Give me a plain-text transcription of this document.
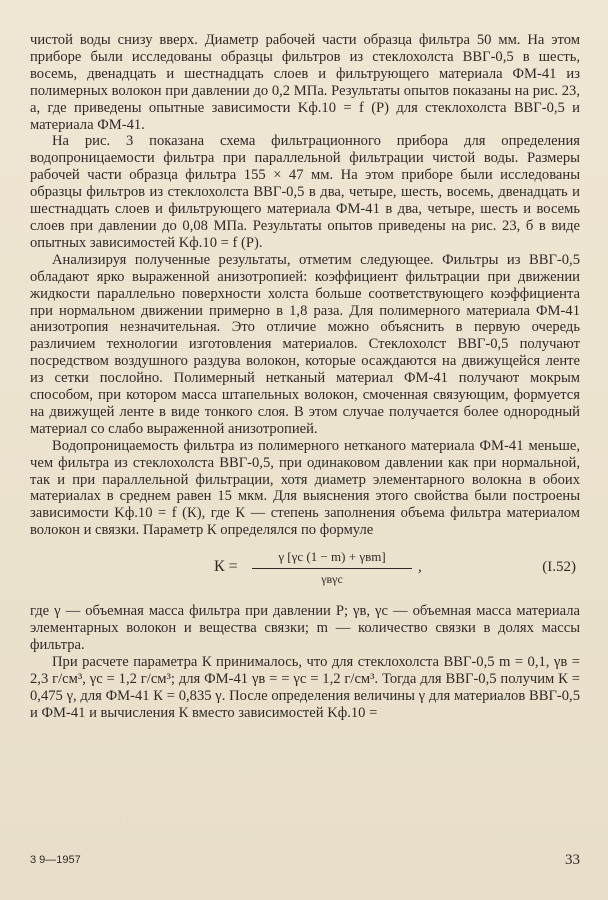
чистой воды снизу вверх. Диаметр рабочей части образца фильтра 50 мм. На этом приборе были исследованы образцы фильтров из стеклохолста ВВГ-0,5 в шесть, восемь, двенадцать и шестнадцать слоев и фильтрующего материала ФМ-41 из полимерных волокон при давлении до 0,2 МПа. Результаты опытов показаны на рис. 23, а, где приведены опытные зависимости Kф.10 = f (P) для стеклохолста ВВГ-0,5 и материала ФМ-41.

На рис. 3 показана схема фильтрационного прибора для определения водопроницаемости фильтра при параллельной фильтрации чистой воды. Размеры рабочей части образца фильтра 155 × 47 мм. На этом приборе были исследованы образцы фильтров из стеклохолста ВВГ-0,5 в два, четыре, шесть, восемь, двенадцать и шестнадцать слоев и фильтрующего материала ФМ-41 в два, четыре, шесть и восемь слоев при давлении до 0,08 МПа. Результаты опытов приведены на рис. 23, б в виде опытных зависимостей Kф.10 = f (P).

Анализируя полученные результаты, отметим следующее. Фильтры из ВВГ-0,5 обладают ярко выраженной анизотропией: коэффициент фильтрации при движении жидкости параллельно поверхности холста больше соответствующего коэффициента при нормальном движении примерно в 1,8 раза. Для полимерного материала ФМ-41 анизотропия незначительная. Это отличие можно объяснить в первую очередь различием технологии изготовления материалов. Стеклохолст ВВГ-0,5 получают посредством воздушного раздува волокон, которые осаждаются на движущейся ленте из сетки послойно. Полимерный нетканый материал ФМ-41 получают мокрым способом, при котором масса штапельных волокон, смоченная связующим, формуется на движущей ленте в виде тонкого слоя. В этом случае получается более однородный материал со слабо выраженной анизотропией.

Водопроницаемость фильтра из полимерного нетканого материала ФМ-41 меньше, чем фильтра из стеклохолста ВВГ-0,5, при одинаковом давлении как при нормальной, так и при параллельной фильтрации, хотя диаметр элементарного волокна в обоих материалах в среднем равен 15 мкм. Для выяснения этого свойства были построены зависимости Kф.10 = f (К), где К — степень заполнения объема фильтра материалом волокон и связки. Параметр К определялся по формуле

К =
γ [γс (1 − m) + γвm]
γвγс
,	(I.52)

где γ — объемная масса фильтра при давлении P; γв, γс — объемная масса материала элементарных волокон и вещества связки; m — количество связки в долях массы фильтра.

При расчете параметра К принималось, что для стеклохолста ВВГ-0,5 m = 0,1, γв = 2,3 г/см³, γс = 1,2 г/см³; для ФМ-41 γв = = γс = 1,2 г/см³. Тогда для ВВГ-0,5 получим К = 0,475 γ, для ФМ-41 К = 0,835 γ. После определения величины γ для материалов ВВГ-0,5 и ФМ-41 и вычисления К вместо зависимостей Kф.10 =

3 9—1957	33
